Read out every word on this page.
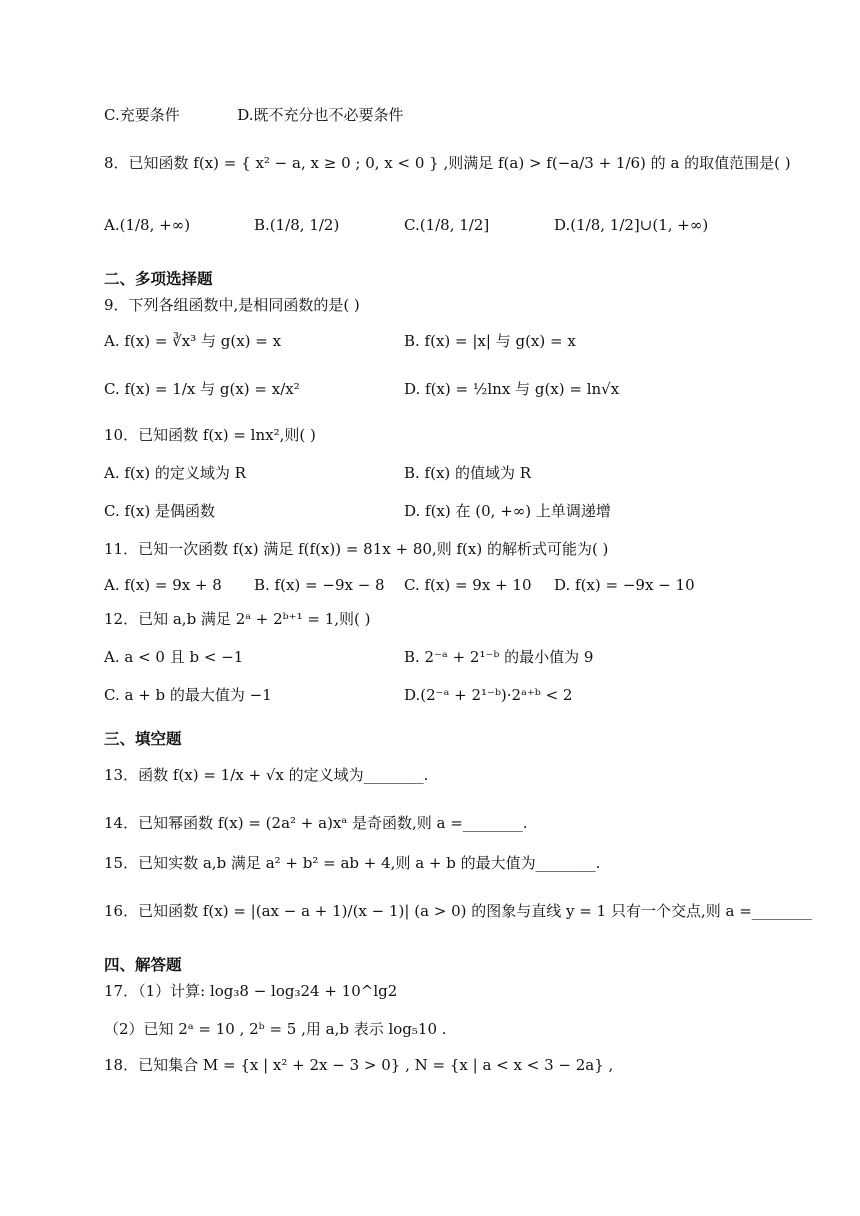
C.充要条件	D.既不充分也不必要条件
8．已知函数 f(x) = { x² − a, x ≥ 0 ; 0, x < 0 } ,则满足 f(a) > f(−a/3 + 1/6) 的 a 的取值范围是( )
A.(1/8, +∞)	B.(1/8, 1/2)	C.(1/8, 1/2]	D.(1/8, 1/2]∪(1, +∞)
二、多项选择题
9．下列各组函数中,是相同函数的是( )
A. f(x) = ∛x³ 与 g(x) = x	B. f(x) = |x| 与 g(x) = x
C. f(x) = 1/x 与 g(x) = x/x²	D. f(x) = ½lnx 与 g(x) = ln√x
10．已知函数 f(x) = lnx²,则( )
A. f(x) 的定义域为 R	B. f(x) 的值域为 R
C. f(x) 是偶函数	D. f(x) 在 (0, +∞) 上单调递增
11．已知一次函数 f(x) 满足 f(f(x)) = 81x + 80,则 f(x) 的解析式可能为( )
A. f(x) = 9x + 8 B. f(x) = −9x − 8 C. f(x) = 9x + 10 D. f(x) = −9x − 10
12．已知 a,b 满足 2ᵃ + 2ᵇ⁺¹ = 1,则( )
A. a < 0 且 b < −1	B. 2⁻ᵃ + 2¹⁻ᵇ 的最小值为 9
C. a + b 的最大值为 −1	D.(2⁻ᵃ + 2¹⁻ᵇ)·2ᵃ⁺ᵇ < 2
三、填空题
13．函数 f(x) = 1/x + √x 的定义域为________.
14．已知幂函数 f(x) = (2a² + a)xᵃ 是奇函数,则 a =________.
15．已知实数 a,b 满足 a² + b² = ab + 4,则 a + b 的最大值为________.
16．已知函数 f(x) = |(ax − a + 1)/(x − 1)| (a > 0) 的图象与直线 y = 1 只有一个交点,则 a =________
四、解答题
17．（1）计算: log₃8 − log₃24 + 10^lg2
（2）已知 2ᵃ = 10 , 2ᵇ = 5 ,用 a,b 表示 log₅10 .
18．已知集合 M = {x | x² + 2x − 3 > 0} , N = {x | a < x < 3 − 2a} ,
